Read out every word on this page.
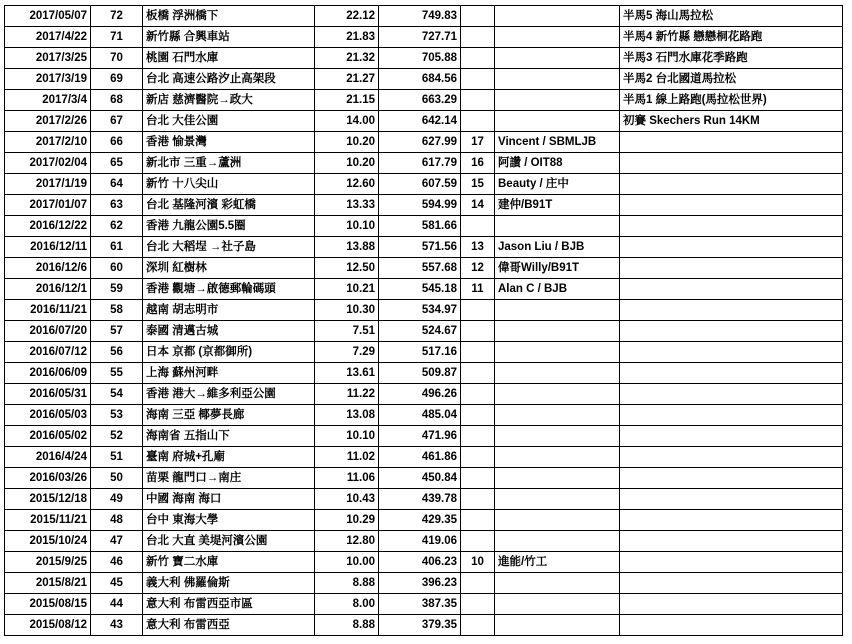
2017/05/07	72	板橋 浮洲橋下	22.12	749.83			半馬5 海山馬拉松
2017/4/22	71	新竹縣 合興車站	21.83	727.71			半馬4 新竹縣 戀戀桐花路跑
2017/3/25	70	桃園 石門水庫	21.32	705.88			半馬3 石門水庫花季路跑
2017/3/19	69	台北 高速公路汐止高架段	21.27	684.56			半馬2 台北國道馬拉松
2017/3/4	68	新店 慈濟醫院→政大	21.15	663.29			半馬1 線上路跑(馬拉松世界)
2017/2/26	67	台北 大佳公園	14.00	642.14			初賽 Skechers Run 14KM
2017/2/10	66	香港 愉景灣	10.20	627.99	17	Vincent / SBMLJB	
2017/02/04	65	新北市 三重→蘆洲	10.20	617.79	16	阿讚 / OIT88	
2017/1/19	64	新竹 十八尖山	12.60	607.59	15	Beauty / 庄中	
2017/01/07	63	台北 基隆河濱 彩虹橋	13.33	594.99	14	建仲/B91T	
2016/12/22	62	香港 九龍公園5.5圈	10.10	581.66			
2016/12/11	61	台北 大稻埕 →社子島	13.88	571.56	13	Jason Liu / BJB	
2016/12/6	60	深圳 紅樹林	12.50	557.68	12	偉哥Willy/B91T	
2016/12/1	59	香港 觀塘→啟德郵輪碼頭	10.21	545.18	11	Alan C / BJB	
2016/11/21	58	越南 胡志明市	10.30	534.97			
2016/07/20	57	泰國 清邁古城	7.51	524.67			
2016/07/12	56	日本 京都 (京都御所)	7.29	517.16			
2016/06/09	55	上海 蘇州河畔	13.61	509.87			
2016/05/31	54	香港 港大→維多利亞公園	11.22	496.26			
2016/05/03	53	海南 三亞 椰夢長廊	13.08	485.04			
2016/05/02	52	海南省 五指山下	10.10	471.96			
2016/4/24	51	臺南 府城+孔廟	11.02	461.86			
2016/03/26	50	苗栗 龍門口→南庄	11.06	450.84			
2015/12/18	49	中國 海南 海口	10.43	439.78			
2015/11/21	48	台中 東海大學	10.29	429.35			
2015/10/24	47	台北 大直 美堤河濱公園	12.80	419.06			
2015/9/25	46	新竹 寶二水庫	10.00	406.23	10	進能/竹工	
2015/8/21	45	義大利 佛羅倫斯	8.88	396.23			
2015/08/15	44	意大利 布雷西亞市區	8.00	387.35			
2015/08/12	43	意大利 布雷西亞	8.88	379.35			
